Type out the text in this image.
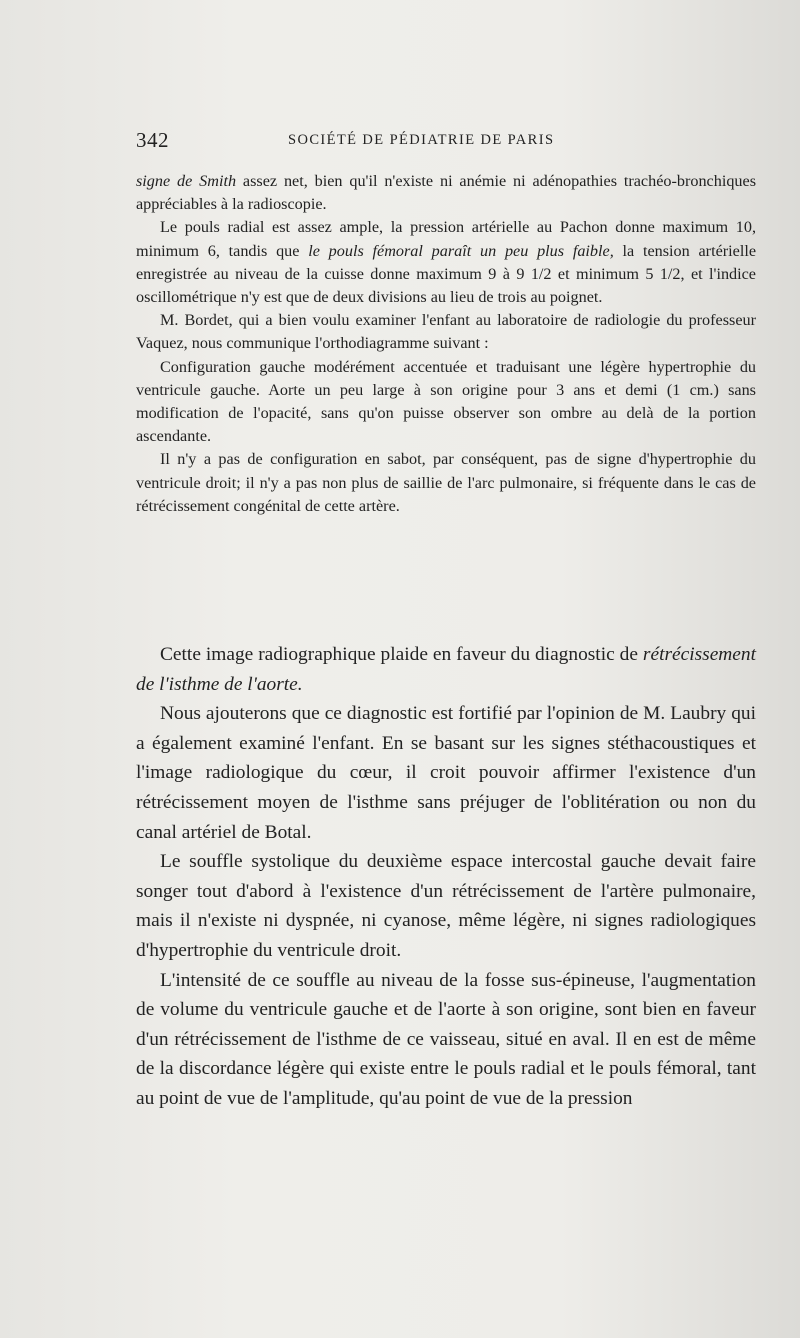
342	SOCIÉTÉ DE PÉDIATRIE DE PARIS

signe de Smith assez net, bien qu'il n'existe ni anémie ni adénopathies trachéo-bronchiques appréciables à la radioscopie.

Le pouls radial est assez ample, la pression artérielle au Pachon donne maximum 10, minimum 6, tandis que le pouls fémoral paraît un peu plus faible, la tension artérielle enregistrée au niveau de la cuisse donne maximum 9 à 9 1/2 et minimum 5 1/2, et l'indice oscillométrique n'y est que de deux divisions au lieu de trois au poignet.

M. Bordet, qui a bien voulu examiner l'enfant au laboratoire de radiologie du professeur Vaquez, nous communique l'orthodiagramme suivant :

Configuration gauche modérément accentuée et traduisant une légère hypertrophie du ventricule gauche. Aorte un peu large à son origine pour 3 ans et demi (1 cm.) sans modification de l'opacité, sans qu'on puisse observer son ombre au delà de la portion ascendante.

Il n'y a pas de configuration en sabot, par conséquent, pas de signe d'hypertrophie du ventricule droit; il n'y a pas non plus de saillie de l'arc pulmonaire, si fréquente dans le cas de rétrécissement congénital de cette artère.

Cette image radiographique plaide en faveur du diagnostic de rétrécissement de l'isthme de l'aorte.

Nous ajouterons que ce diagnostic est fortifié par l'opinion de M. Laubry qui a également examiné l'enfant. En se basant sur les signes stéthacoustiques et l'image radiologique du cœur, il croit pouvoir affirmer l'existence d'un rétrécissement moyen de l'isthme sans préjuger de l'oblitération ou non du canal artériel de Botal.

Le souffle systolique du deuxième espace intercostal gauche devait faire songer tout d'abord à l'existence d'un rétrécissement de l'artère pulmonaire, mais il n'existe ni dyspnée, ni cyanose, même légère, ni signes radiologiques d'hypertrophie du ventricule droit.

L'intensité de ce souffle au niveau de la fosse sus-épineuse, l'augmentation de volume du ventricule gauche et de l'aorte à son origine, sont bien en faveur d'un rétrécissement de l'isthme de ce vaisseau, situé en aval. Il en est de même de la discordance légère qui existe entre le pouls radial et le pouls fémoral, tant au point de vue de l'amplitude, qu'au point de vue de la pression
